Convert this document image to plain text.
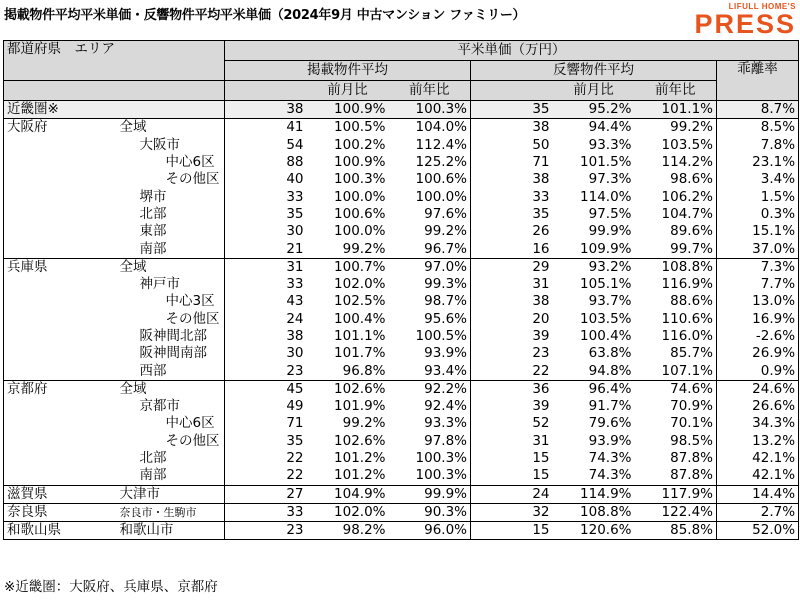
掲載物件平均平米単価・反響物件平均平米単価（2024年9月 中古マンション ファミリー）
LIFULL HOME'S
PRESS
都道府県　エリア		平米単価（万円）						
		掲載物件平均			反響物件平均			乖離率
			前月比	前年比		前月比	前年比	
近畿圏※		38	100.9%	100.3%	35	95.2%	101.1%	8.7%
大阪府	全域	41	100.5%	104.0%	38	94.4%	99.2%	8.5%
	大阪市	54	100.2%	112.4%	50	93.3%	103.5%	7.8%
	中心6区	88	100.9%	125.2%	71	101.5%	114.2%	23.1%
	その他区	40	100.3%	100.6%	38	97.3%	98.6%	3.4%
	堺市	33	100.0%	100.0%	33	114.0%	106.2%	1.5%
	北部	35	100.6%	97.6%	35	97.5%	104.7%	0.3%
	東部	30	100.0%	99.2%	26	99.9%	89.6%	15.1%
	南部	21	99.2%	96.7%	16	109.9%	99.7%	37.0%
兵庫県	全域	31	100.7%	97.0%	29	93.2%	108.8%	7.3%
	神戸市	33	102.0%	99.3%	31	105.1%	116.9%	7.7%
	中心3区	43	102.5%	98.7%	38	93.7%	88.6%	13.0%
	その他区	24	100.4%	95.6%	20	103.5%	110.6%	16.9%
	阪神間北部	38	101.1%	100.5%	39	100.4%	116.0%	-2.6%
	阪神間南部	30	101.7%	93.9%	23	63.8%	85.7%	26.9%
	西部	23	96.8%	93.4%	22	94.8%	107.1%	0.9%
京都府	全域	45	102.6%	92.2%	36	96.4%	74.6%	24.6%
	京都市	49	101.9%	92.4%	39	91.7%	70.9%	26.6%
	中心6区	71	99.2%	93.3%	52	79.6%	70.1%	34.3%
	その他区	35	102.6%	97.8%	31	93.9%	98.5%	13.2%
	北部	22	101.2%	100.3%	15	74.3%	87.8%	42.1%
	南部	22	101.2%	100.3%	15	74.3%	87.8%	42.1%
滋賀県	大津市	27	104.9%	99.9%	24	114.9%	117.9%	14.4%
奈良県	奈良市・生駒市	33	102.0%	90.3%	32	108.8%	122.4%	2.7%
和歌山県	和歌山市	23	98.2%	96.0%	15	120.6%	85.8%	52.0%
※近畿圏：大阪府、兵庫県、京都府
